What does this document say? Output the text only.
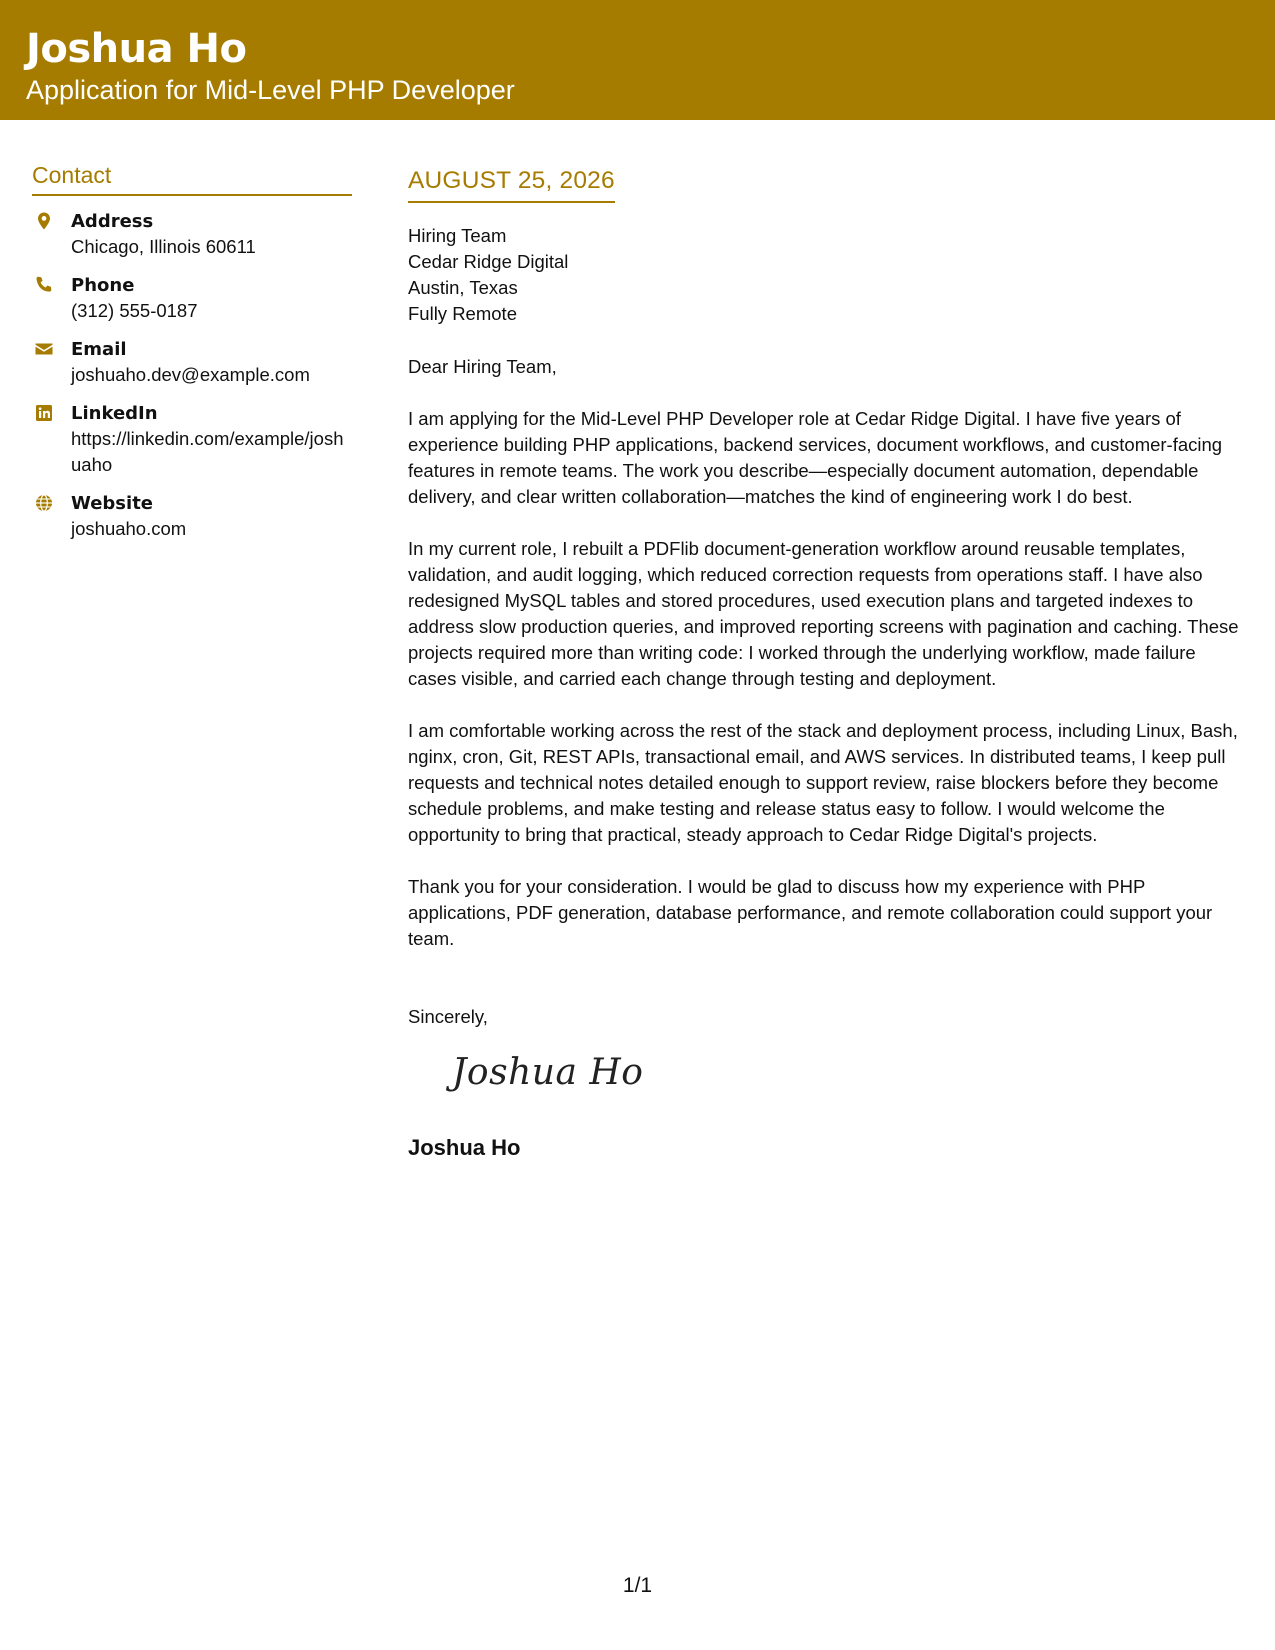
Joshua Ho
Application for Mid-Level PHP Developer
Contact
Address
Chicago, Illinois 60611
Phone
(312) 555-0187
Email
joshuaho.dev@example.com
LinkedIn
https://linkedin.com/example/joshuaho
Website
joshuaho.com
AUGUST 25, 2026
Hiring Team
Cedar Ridge Digital
Austin, Texas
Fully Remote
Dear Hiring Team,
I am applying for the Mid-Level PHP Developer role at Cedar Ridge Digital. I have five years of experience building PHP applications, backend services, document workflows, and customer-facing features in remote teams. The work you describe—especially document automation, dependable delivery, and clear written collaboration—matches the kind of engineering work I do best.
In my current role, I rebuilt a PDFlib document-generation workflow around reusable templates, validation, and audit logging, which reduced correction requests from operations staff. I have also redesigned MySQL tables and stored procedures, used execution plans and targeted indexes to address slow production queries, and improved reporting screens with pagination and caching. These projects required more than writing code: I worked through the underlying workflow, made failure cases visible, and carried each change through testing and deployment.
I am comfortable working across the rest of the stack and deployment process, including Linux, Bash, nginx, cron, Git, REST APIs, transactional email, and AWS services. In distributed teams, I keep pull requests and technical notes detailed enough to support review, raise blockers before they become schedule problems, and make testing and release status easy to follow. I would welcome the opportunity to bring that practical, steady approach to Cedar Ridge Digital's projects.
Thank you for your consideration. I would be glad to discuss how my experience with PHP applications, PDF generation, database performance, and remote collaboration could support your team.
Sincerely,
Joshua Ho
Joshua Ho
1/1
